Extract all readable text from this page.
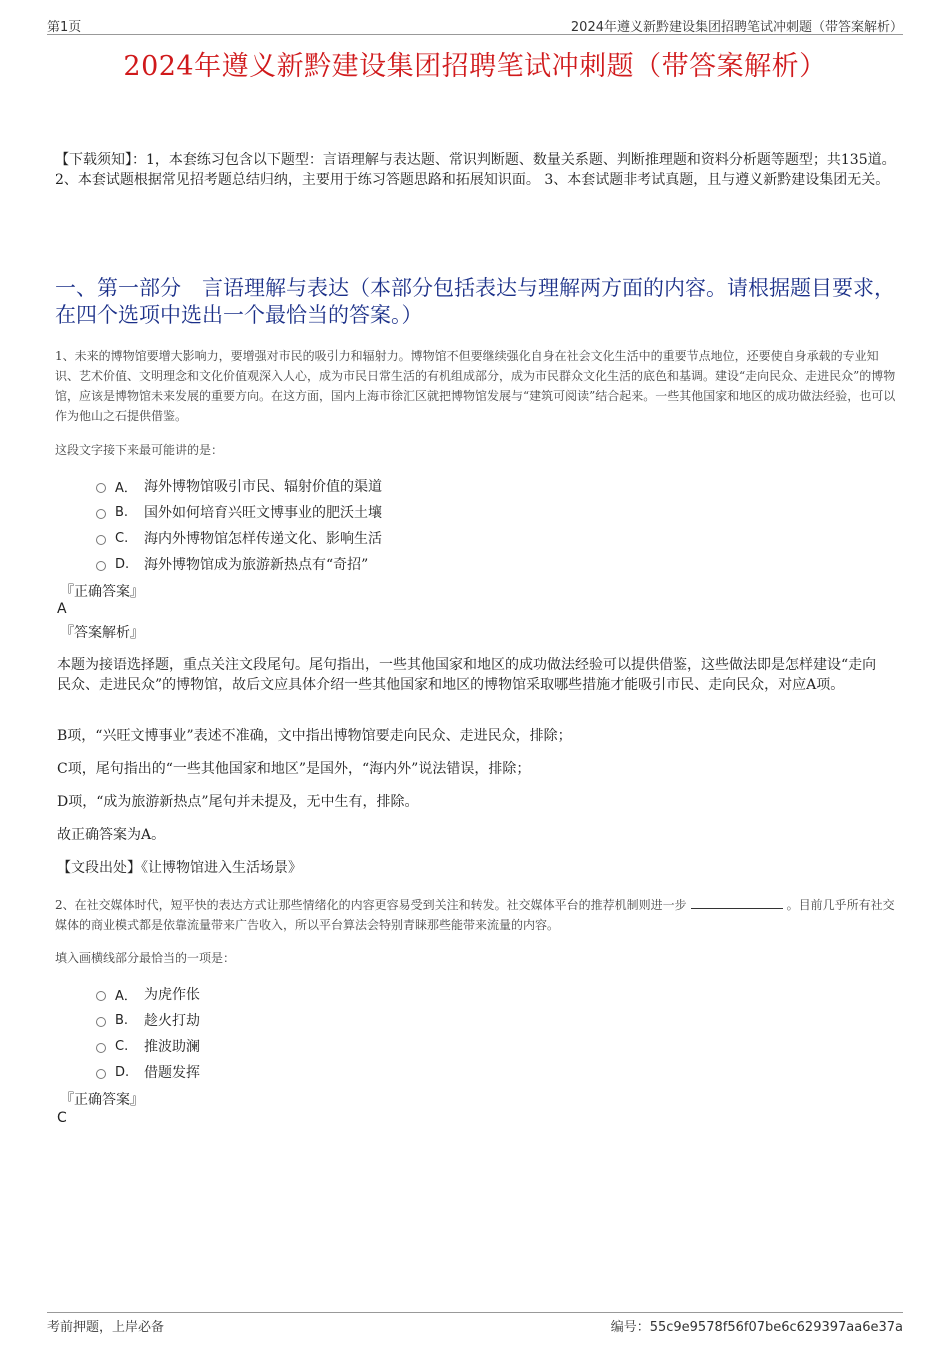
第1页	2024年遵义新黔建设集团招聘笔试冲刺题（带答案解析）
2024年遵义新黔建设集团招聘笔试冲刺题（带答案解析）
【下载须知】：1，本套练习包含以下题型：言语理解与表达题、常识判断题、数量关系题、判断推理题和资料分析题等题型；共135道。 2、本套试题根据常见招考题总结归纳，主要用于练习答题思路和拓展知识面。 3、本套试题非考试真题，且与遵义新黔建设集团无关。
一、第一部分　言语理解与表达（本部分包括表达与理解两方面的内容。请根据题目要求，在四个选项中选出一个最恰当的答案。）
1、未来的博物馆要增大影响力，要增强对市民的吸引力和辐射力。博物馆不但要继续强化自身在社会文化生活中的重要节点地位，还要使自身承载的专业知识、艺术价值、文明理念和文化价值观深入人心，成为市民日常生活的有机组成部分，成为市民群众文化生活的底色和基调。建设“走向民众、走进民众”的博物馆，应该是博物馆未来发展的重要方向。在这方面，国内上海市徐汇区就把博物馆发展与“建筑可阅读”结合起来。一些其他国家和地区的成功做法经验，也可以作为他山之石提供借鉴。
这段文字接下来最可能讲的是：
A． 海外博物馆吸引市民、辐射价值的渠道
B.	国外如何培育兴旺文博事业的肥沃土壤
C.	海内外博物馆怎样传递文化、影响生活
D.	海外博物馆成为旅游新热点有“奇招”
『正确答案』
A
『答案解析』
本题为接语选择题，重点关注文段尾句。尾句指出，一些其他国家和地区的成功做法经验可以提供借鉴，这些做法即是怎样建设“走向民众、走进民众”的博物馆，故后文应具体介绍一些其他国家和地区的博物馆采取哪些措施才能吸引市民、走向民众，对应A项。
B项，“兴旺文博事业”表述不准确，文中指出博物馆要走向民众、走进民众，排除；
C项，尾句指出的“一些其他国家和地区”是国外，“海内外”说法错误，排除；
D项，“成为旅游新热点”尾句并未提及，无中生有，排除。
故正确答案为A。
【文段出处】《让博物馆进入生活场景》
2、在社交媒体时代，短平快的表达方式让那些情绪化的内容更容易受到关注和转发。社交媒体平台的推荐机制则进一步	。目前几乎所有社交媒体的商业模式都是依靠流量带来广告收入，所以平台算法会特别青睐那些能带来流量的内容。
填入画横线部分最恰当的一项是：
A． 为虎作伥
B.	趁火打劫
C.	推波助澜
D.	借题发挥
『正确答案』
C
考前押题，上岸必备	编号：55c9e9578f56f07be6c629397aa6e37a
